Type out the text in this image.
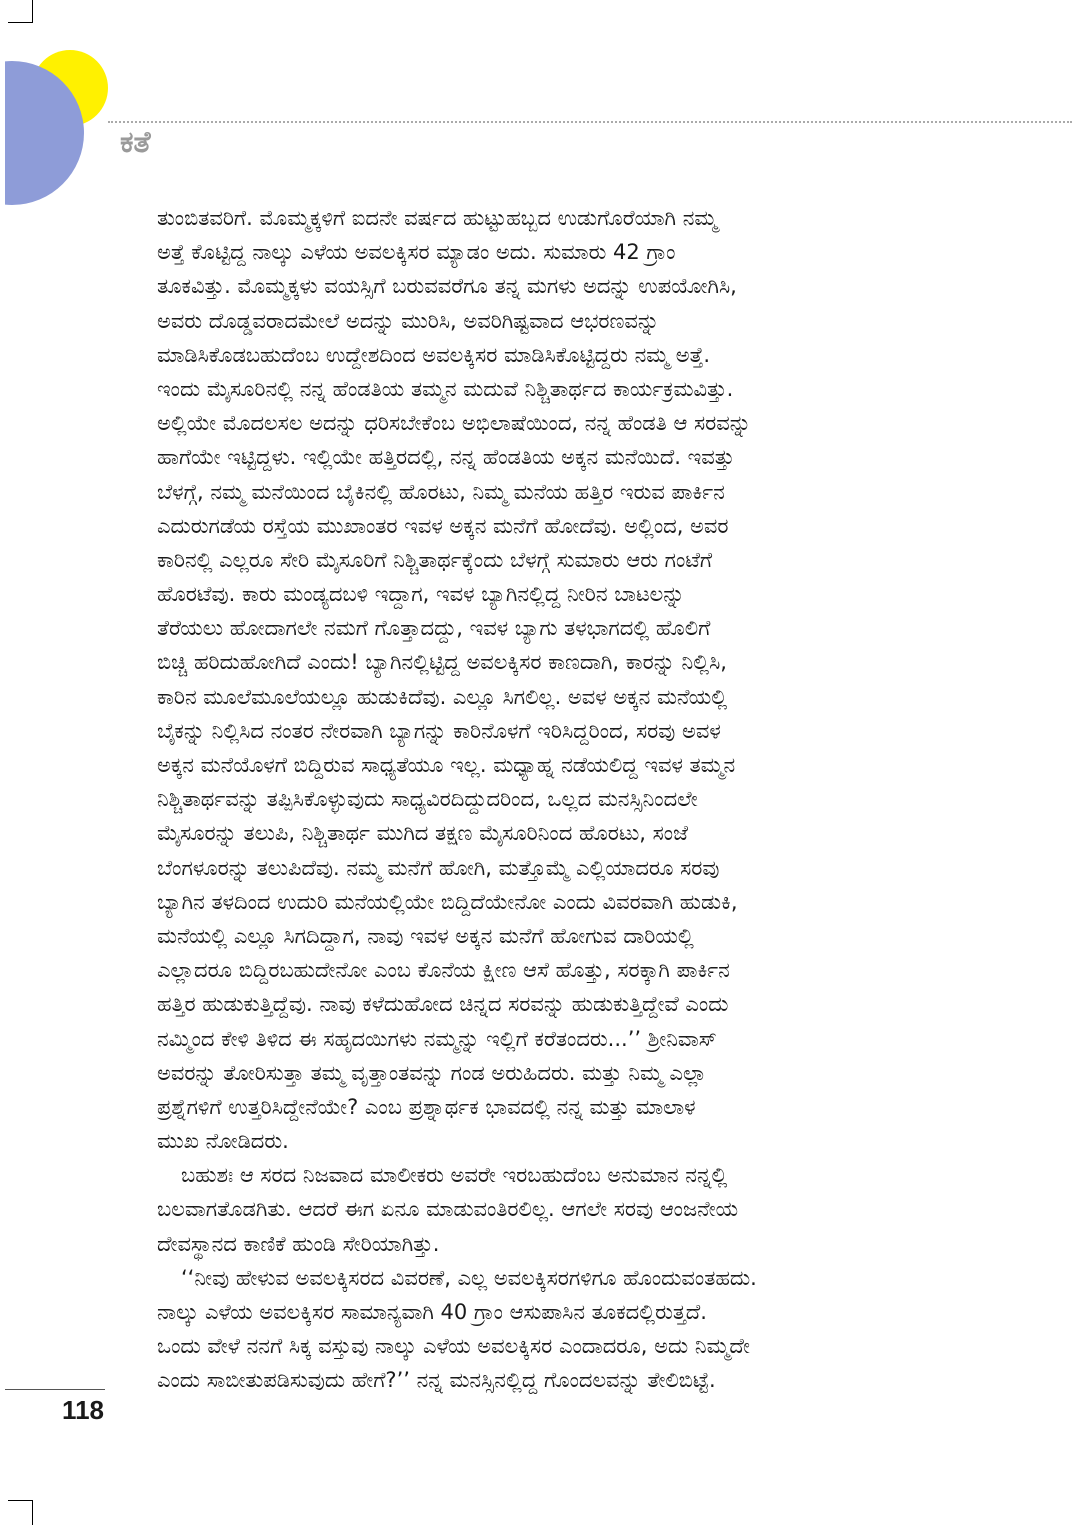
ಕತೆ
ತುಂಬಿತವರಿಗೆ. ಮೊಮ್ಮಕ್ಕಳಿಗೆ ಐದನೇ ವರ್ಷದ ಹುಟ್ಟುಹಬ್ಬದ ಉಡುಗೊರೆಯಾಗಿ ನಮ್ಮ
ಅತ್ತೆ ಕೊಟ್ಟಿದ್ದ ನಾಲ್ಕು ಎಳೆಯ ಅವಲಕ್ಕಿಸರ ಮ್ಯಾಡಂ ಅದು. ಸುಮಾರು 42 ಗ್ರಾಂ
ತೂಕವಿತ್ತು. ಮೊಮ್ಮಕ್ಕಳು ವಯಸ್ಸಿಗೆ ಬರುವವರೆಗೂ ತನ್ನ ಮಗಳು ಅದನ್ನು ಉಪಯೋಗಿಸಿ,
ಅವರು ದೊಡ್ಡವರಾದಮೇಲೆ ಅದನ್ನು ಮುರಿಸಿ, ಅವರಿಗಿಷ್ಟವಾದ ಆಭರಣವನ್ನು
ಮಾಡಿಸಿಕೊಡಬಹುದೆಂಬ ಉದ್ದೇಶದಿಂದ ಅವಲಕ್ಕಿಸರ ಮಾಡಿಸಿಕೊಟ್ಟಿದ್ದರು ನಮ್ಮ ಅತ್ತೆ.
ಇಂದು ಮೈಸೂರಿನಲ್ಲಿ ನನ್ನ ಹೆಂಡತಿಯ ತಮ್ಮನ ಮದುವೆ ನಿಶ್ಚಿತಾರ್ಥದ ಕಾರ್ಯಕ್ರಮವಿತ್ತು.
ಅಲ್ಲಿಯೇ ಮೊದಲಸಲ ಅದನ್ನು ಧರಿಸಬೇಕೆಂಬ ಅಭಿಲಾಷೆಯಿಂದ, ನನ್ನ ಹೆಂಡತಿ ಆ ಸರವನ್ನು
ಹಾಗೆಯೇ ಇಟ್ಟಿದ್ದಳು. ಇಲ್ಲಿಯೇ ಹತ್ತಿರದಲ್ಲಿ, ನನ್ನ ಹೆಂಡತಿಯ ಅಕ್ಕನ ಮನೆಯಿದೆ. ಇವತ್ತು
ಬೆಳಗ್ಗೆ, ನಮ್ಮ ಮನೆಯಿಂದ ಬೈಕಿನಲ್ಲಿ ಹೊರಟು, ನಿಮ್ಮ ಮನೆಯ ಹತ್ತಿರ ಇರುವ ಪಾರ್ಕಿನ
ಎದುರುಗಡೆಯ ರಸ್ತೆಯ ಮುಖಾಂತರ ಇವಳ ಅಕ್ಕನ ಮನೆಗೆ ಹೋದೆವು. ಅಲ್ಲಿಂದ, ಅವರ
ಕಾರಿನಲ್ಲಿ ಎಲ್ಲರೂ ಸೇರಿ ಮೈಸೂರಿಗೆ ನಿಶ್ಚಿತಾರ್ಥಕ್ಕೆಂದು ಬೆಳಗ್ಗೆ ಸುಮಾರು ಆರು ಗಂಟೆಗೆ
ಹೊರಟೆವು. ಕಾರು ಮಂಡ್ಯದಬಳಿ ಇದ್ದಾಗ, ಇವಳ ಬ್ಯಾಗಿನಲ್ಲಿದ್ದ ನೀರಿನ ಬಾಟಲನ್ನು
ತೆರೆಯಲು ಹೋದಾಗಲೇ ನಮಗೆ ಗೊತ್ತಾದದ್ದು, ಇವಳ ಬ್ಯಾಗು ತಳಭಾಗದಲ್ಲಿ ಹೊಲಿಗೆ
ಬಿಚ್ಚಿ ಹರಿದುಹೋಗಿದೆ ಎಂದು! ಬ್ಯಾಗಿನಲ್ಲಿಟ್ಟಿದ್ದ ಅವಲಕ್ಕಿಸರ ಕಾಣದಾಗಿ, ಕಾರನ್ನು ನಿಲ್ಲಿಸಿ,
ಕಾರಿನ ಮೂಲೆಮೂಲೆಯಲ್ಲೂ ಹುಡುಕಿದೆವು. ಎಲ್ಲೂ ಸಿಗಲಿಲ್ಲ. ಅವಳ ಅಕ್ಕನ ಮನೆಯಲ್ಲಿ
ಬೈಕನ್ನು ನಿಲ್ಲಿಸಿದ ನಂತರ ನೇರವಾಗಿ ಬ್ಯಾಗನ್ನು ಕಾರಿನೊಳಗೆ ಇರಿಸಿದ್ದರಿಂದ, ಸರವು ಅವಳ
ಅಕ್ಕನ ಮನೆಯೊಳಗೆ ಬಿದ್ದಿರುವ ಸಾಧ್ಯತೆಯೂ ಇಲ್ಲ. ಮಧ್ಯಾಹ್ನ ನಡೆಯಲಿದ್ದ ಇವಳ ತಮ್ಮನ
ನಿಶ್ಚಿತಾರ್ಥವನ್ನು ತಪ್ಪಿಸಿಕೊಳ್ಳುವುದು ಸಾಧ್ಯವಿರದಿದ್ದುದರಿಂದ, ಒಲ್ಲದ ಮನಸ್ಸಿನಿಂದಲೇ
ಮೈಸೂರನ್ನು ತಲುಪಿ, ನಿಶ್ಚಿತಾರ್ಥ ಮುಗಿದ ತಕ್ಷಣ ಮೈಸೂರಿನಿಂದ ಹೊರಟು, ಸಂಜೆ
ಬೆಂಗಳೂರನ್ನು ತಲುಪಿದೆವು. ನಮ್ಮ ಮನೆಗೆ ಹೋಗಿ, ಮತ್ತೊಮ್ಮೆ ಎಲ್ಲಿಯಾದರೂ ಸರವು
ಬ್ಯಾಗಿನ ತಳದಿಂದ ಉದುರಿ ಮನೆಯಲ್ಲಿಯೇ ಬಿದ್ದಿದೆಯೇನೋ ಎಂದು ವಿವರವಾಗಿ ಹುಡುಕಿ,
ಮನೆಯಲ್ಲಿ ಎಲ್ಲೂ ಸಿಗದಿದ್ದಾಗ, ನಾವು ಇವಳ ಅಕ್ಕನ ಮನೆಗೆ ಹೋಗುವ ದಾರಿಯಲ್ಲಿ
ಎಲ್ಲಾದರೂ ಬಿದ್ದಿರಬಹುದೇನೋ ಎಂಬ ಕೊನೆಯ ಕ್ಷೀಣ ಆಸೆ ಹೊತ್ತು, ಸರಕ್ಕಾಗಿ ಪಾರ್ಕಿನ
ಹತ್ತಿರ ಹುಡುಕುತ್ತಿದ್ದೆವು. ನಾವು ಕಳೆದುಹೋದ ಚಿನ್ನದ ಸರವನ್ನು ಹುಡುಕುತ್ತಿದ್ದೇವೆ ಎಂದು
ನಮ್ಮಿಂದ ಕೇಳಿ ತಿಳಿದ ಈ ಸಹೃದಯಿಗಳು ನಮ್ಮನ್ನು ಇಲ್ಲಿಗೆ ಕರೆತಂದರು...’’ ಶ್ರೀನಿವಾಸ್
ಅವರನ್ನು ತೋರಿಸುತ್ತಾ ತಮ್ಮ ವೃತ್ತಾಂತವನ್ನು ಗಂಡ ಅರುಹಿದರು. ಮತ್ತು ನಿಮ್ಮ ಎಲ್ಲಾ
ಪ್ರಶ್ನೆಗಳಿಗೆ ಉತ್ತರಿಸಿದ್ದೇನೆಯೇ? ಎಂಬ ಪ್ರಶ್ನಾರ್ಥಕ ಭಾವದಲ್ಲಿ ನನ್ನ ಮತ್ತು ಮಾಲಾಳ
ಮುಖ ನೋಡಿದರು.
ಬಹುಶಃ ಆ ಸರದ ನಿಜವಾದ ಮಾಲೀಕರು ಅವರೇ ಇರಬಹುದೆಂಬ ಅನುಮಾನ ನನ್ನಲ್ಲಿ
ಬಲವಾಗತೊಡಗಿತು. ಆದರೆ ಈಗ ಏನೂ ಮಾಡುವಂತಿರಲಿಲ್ಲ. ಆಗಲೇ ಸರವು ಆಂಜನೇಯ
ದೇವಸ್ಥಾನದ ಕಾಣಿಕೆ ಹುಂಡಿ ಸೇರಿಯಾಗಿತ್ತು.
‘‘ನೀವು ಹೇಳುವ ಅವಲಕ್ಕಿಸರದ ವಿವರಣೆ, ಎಲ್ಲ ಅವಲಕ್ಕಿಸರಗಳಿಗೂ ಹೊಂದುವಂತಹದು.
ನಾಲ್ಕು ಎಳೆಯ ಅವಲಕ್ಕಿಸರ ಸಾಮಾನ್ಯವಾಗಿ 40 ಗ್ರಾಂ ಆಸುಪಾಸಿನ ತೂಕದಲ್ಲಿರುತ್ತದೆ.
ಒಂದು ವೇಳೆ ನನಗೆ ಸಿಕ್ಕ ವಸ್ತುವು ನಾಲ್ಕು ಎಳೆಯ ಅವಲಕ್ಕಿಸರ ಎಂದಾದರೂ, ಅದು ನಿಮ್ಮದೇ
ಎಂದು ಸಾಬೀತುಪಡಿಸುವುದು ಹೇಗೆ?’’ ನನ್ನ ಮನಸ್ಸಿನಲ್ಲಿದ್ದ ಗೊಂದಲವನ್ನು ತೇಲಿಬಿಟ್ಟೆ.
118
